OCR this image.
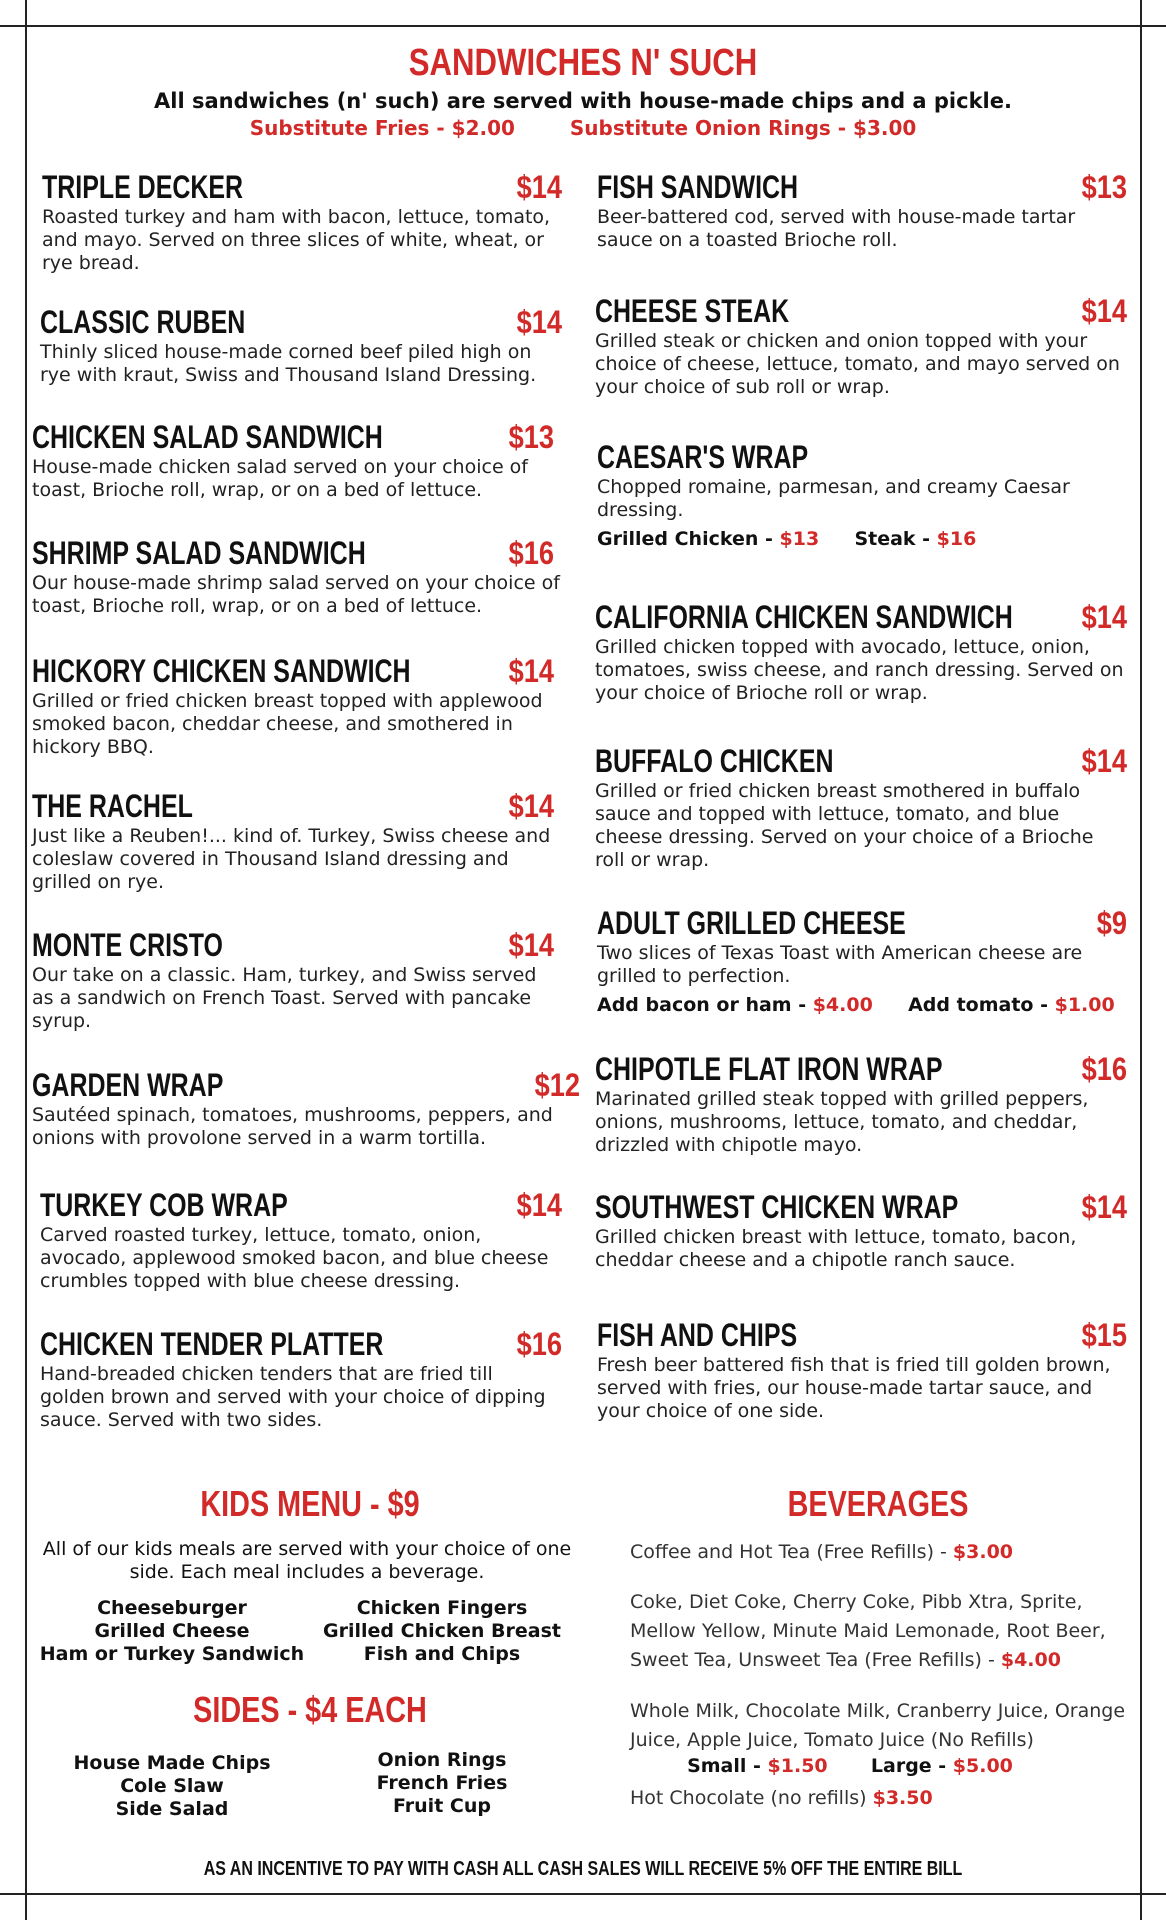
SANDWICHES N' SUCH
All sandwiches (n' such) are served with house-made chips and a pickle.
Substitute Fries - $2.00	Substitute Onion Rings - $3.00
TRIPLE DECKER	$14
Roasted turkey and ham with bacon, lettuce, tomato, and mayo. Served on three slices of white, wheat, or rye bread.
CLASSIC RUBEN	$14
Thinly sliced house-made corned beef piled high on rye with kraut, Swiss and Thousand Island Dressing.
CHICKEN SALAD SANDWICH	$13
House-made chicken salad served on your choice of toast, Brioche roll, wrap, or on a bed of lettuce.
SHRIMP SALAD SANDWICH	$16
Our house-made shrimp salad served on your choice of toast, Brioche roll, wrap, or on a bed of lettuce.
HICKORY CHICKEN SANDWICH	$14
Grilled or fried chicken breast topped with applewood smoked bacon, cheddar cheese, and smothered in hickory BBQ.
THE RACHEL	$14
Just like a Reuben!... kind of. Turkey, Swiss cheese and coleslaw covered in Thousand Island dressing and grilled on rye.
MONTE CRISTO	$14
Our take on a classic. Ham, turkey, and Swiss served as a sandwich on French Toast. Served with pancake syrup.
GARDEN WRAP	$12
Sautéed spinach, tomatoes, mushrooms, peppers, and onions with provolone served in a warm tortilla.
TURKEY COB WRAP	$14
Carved roasted turkey, lettuce, tomato, onion, avocado, applewood smoked bacon, and blue cheese crumbles topped with blue cheese dressing.
CHICKEN TENDER PLATTER	$16
Hand-breaded chicken tenders that are fried till golden brown and served with your choice of dipping sauce. Served with two sides.
FISH SANDWICH	$13
Beer-battered cod, served with house-made tartar sauce on a toasted Brioche roll.
CHEESE STEAK	$14
Grilled steak or chicken and onion topped with your choice of cheese, lettuce, tomato, and mayo served on your choice of sub roll or wrap.
CAESAR'S WRAP
Chopped romaine, parmesan, and creamy Caesar dressing.
Grilled Chicken - $13 Steak - $16
CALIFORNIA CHICKEN SANDWICH	$14
Grilled chicken topped with avocado, lettuce, onion, tomatoes, swiss cheese, and ranch dressing. Served on your choice of Brioche roll or wrap.
BUFFALO CHICKEN	$14
Grilled or fried chicken breast smothered in buffalo sauce and topped with lettuce, tomato, and blue cheese dressing. Served on your choice of a Brioche roll or wrap.
ADULT GRILLED CHEESE	$9
Two slices of Texas Toast with American cheese are grilled to perfection.
Add bacon or ham - $4.00 Add tomato - $1.00
CHIPOTLE FLAT IRON WRAP	$16
Marinated grilled steak topped with grilled peppers, onions, mushrooms, lettuce, tomato, and cheddar, drizzled with chipotle mayo.
SOUTHWEST CHICKEN WRAP	$14
Grilled chicken breast with lettuce, tomato, bacon, cheddar cheese and a chipotle ranch sauce.
FISH AND CHIPS	$15
Fresh beer battered fish that is fried till golden brown, served with fries, our house-made tartar sauce, and your choice of one side.
KIDS MENU - $9
All of our kids meals are served with your choice of one side. Each meal includes a beverage.
Cheeseburger
Grilled Cheese
Ham or Turkey Sandwich
Chicken Fingers
Grilled Chicken Breast
Fish and Chips
SIDES - $4 EACH
House Made Chips
Cole Slaw
Side Salad
Onion Rings
French Fries
Fruit Cup
BEVERAGES
Coffee and Hot Tea (Free Refills) - $3.00
Coke, Diet Coke, Cherry Coke, Pibb Xtra, Sprite, Mellow Yellow, Minute Maid Lemonade, Root Beer, Sweet Tea, Unsweet Tea (Free Refills) - $4.00
Whole Milk, Chocolate Milk, Cranberry Juice, Orange Juice, Apple Juice, Tomato Juice (No Refills)
Small - $1.50 Large - $5.00
Hot Chocolate (no refills) $3.50
AS AN INCENTIVE TO PAY WITH CASH ALL CASH SALES WILL RECEIVE 5% OFF THE ENTIRE BILL
